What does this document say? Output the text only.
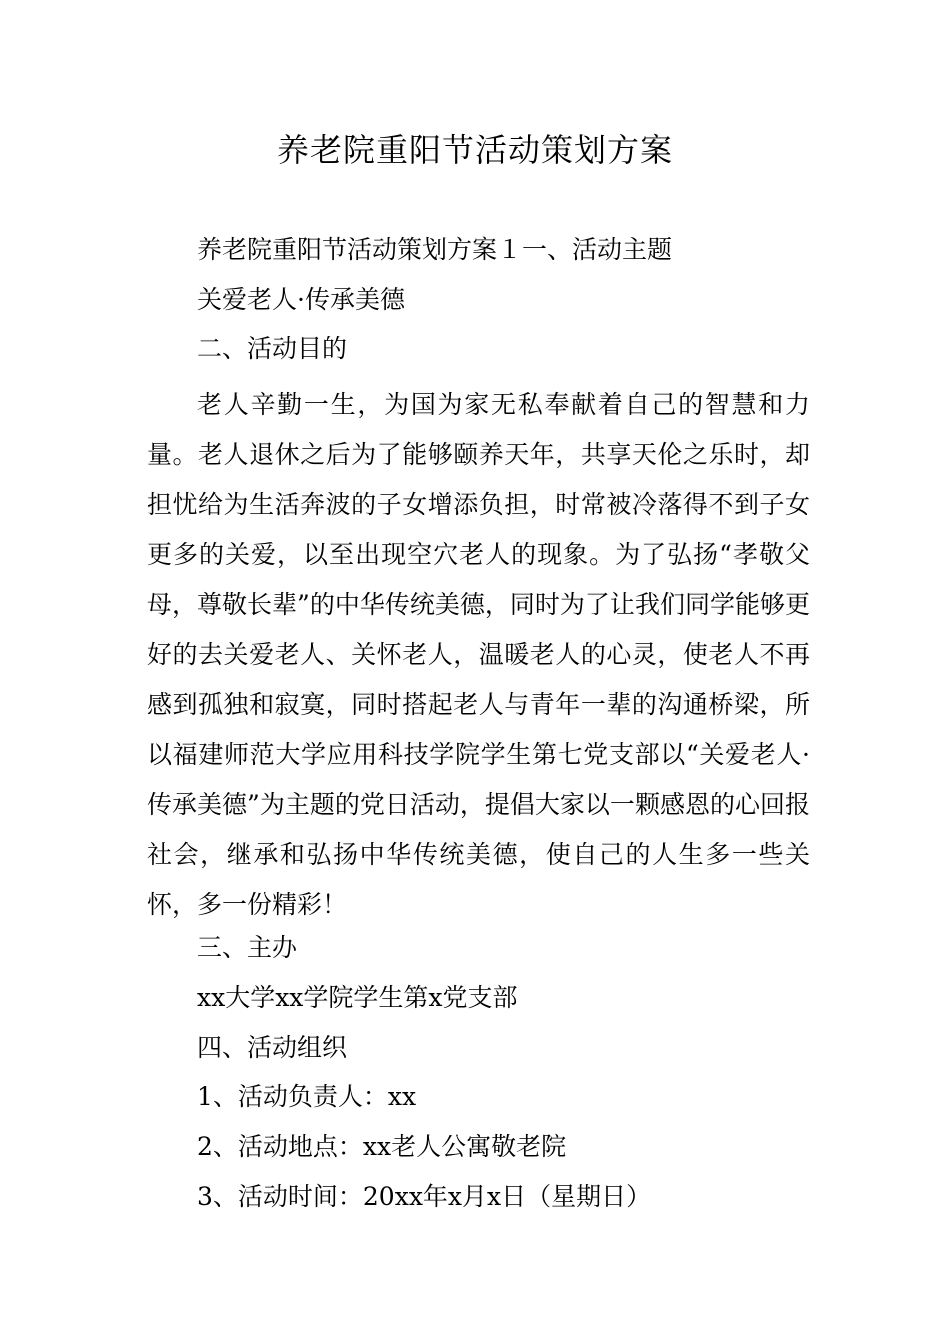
养老院重阳节活动策划方案
养老院重阳节活动策划方案１一、活动主题
关爱老人·传承美德
二、活动目的
老人辛勤一生，为国为家无私奉献着自己的智慧和力量。老人退休之后为了能够颐养天年，共享天伦之乐时，却担忧给为生活奔波的子女增添负担，时常被冷落得不到子女更多的关爱，以至出现空穴老人的现象。为了弘扬“孝敬父母，尊敬长辈”的中华传统美德，同时为了让我们同学能够更好的去关爱老人、关怀老人，温暖老人的心灵，使老人不再感到孤独和寂寞，同时搭起老人与青年一辈的沟通桥梁，所以福建师范大学应用科技学院学生第七党支部以“关爱老人·传承美德”为主题的党日活动，提倡大家以一颗感恩的心回报社会，继承和弘扬中华传统美德，使自己的人生多一些关怀，多一份精彩！
三、主办
xx大学xx学院学生第x党支部
四、活动组织
1、活动负责人：xx
2、活动地点：xx老人公寓敬老院
3、活动时间：20xx年x月x日（星期日）
